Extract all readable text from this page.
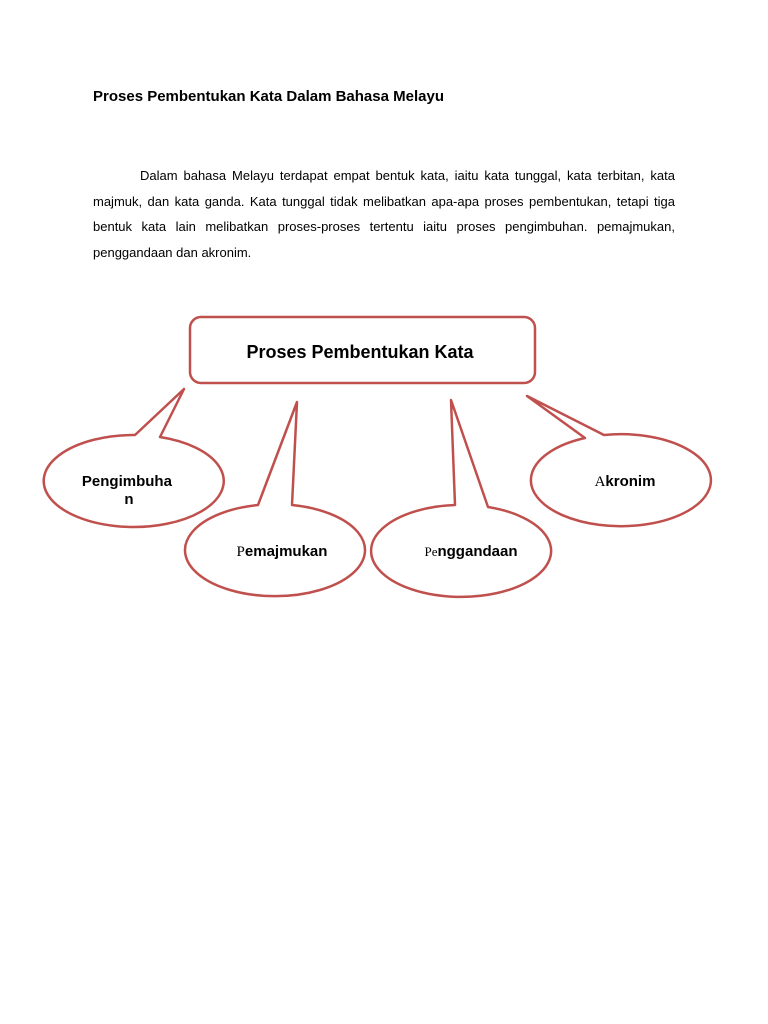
Proses Pembentukan Kata Dalam Bahasa Melayu

Dalam bahasa Melayu terdapat empat bentuk kata, iaitu kata tunggal, kata terbitan, kata majmuk, dan kata ganda. Kata tunggal tidak melibatkan apa-apa proses pembentukan, tetapi tiga bentuk kata lain melibatkan proses-proses tertentu iaitu proses pengimbuhan. pemajmukan, penggandaan dan akronim.

Proses Pembentukan Kata
Pengimbuha n
Pemajmukan	Penggandaan
Akronim
